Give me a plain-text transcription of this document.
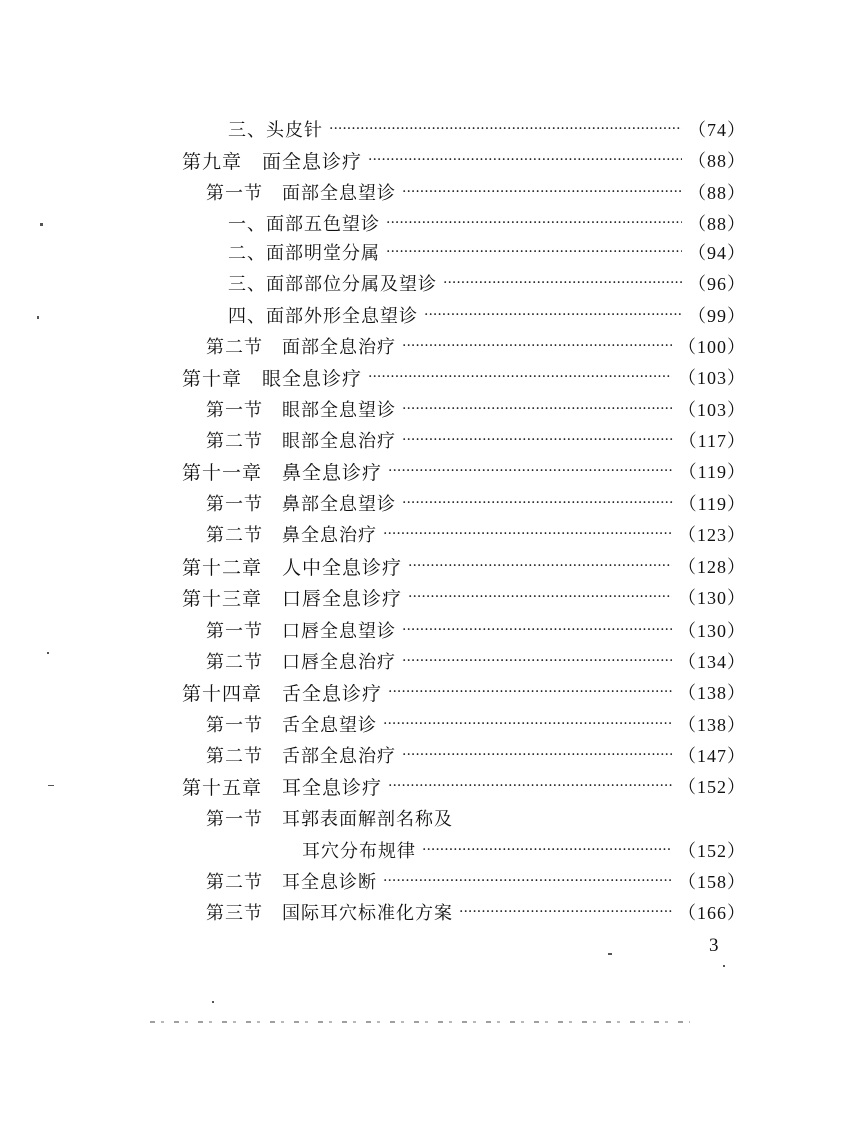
三、头皮针 ·····	（74）
第九章　面全息诊疗 ·····	（88）
第一节　面部全息望诊 ·····	（88）
一、面部五色望诊 ·····	（88）
二、面部明堂分属 ·····	（94）
三、面部部位分属及望诊 ·····	（96）
四、面部外形全息望诊 ·····	（99）
第二节　面部全息治疗 ·····	（100）
第十章　眼全息诊疗 ·····	（103）
第一节　眼部全息望诊 ·····	（103）
第二节　眼部全息治疗 ·····	（117）
第十一章　鼻全息诊疗 ·····	（119）
第一节　鼻部全息望诊 ·····	（119）
第二节　鼻全息治疗 ·····	（123）
第十二章　人中全息诊疗 ·····	（128）
第十三章　口唇全息诊疗 ·····	（130）
第一节　口唇全息望诊 ·····	（130）
第二节　口唇全息治疗 ·····	（134）
第十四章　舌全息诊疗 ·····	（138）
第一节　舌全息望诊 ·····	（138）
第二节　舌部全息治疗 ·····	（147）
第十五章　耳全息诊疗 ·····	（152）
第一节　耳郭表面解剖名称及
耳穴分布规律 ·····	（152）
第二节　耳全息诊断 ·····	（158）
第三节　国际耳穴标准化方案 ·····	（166）
3
